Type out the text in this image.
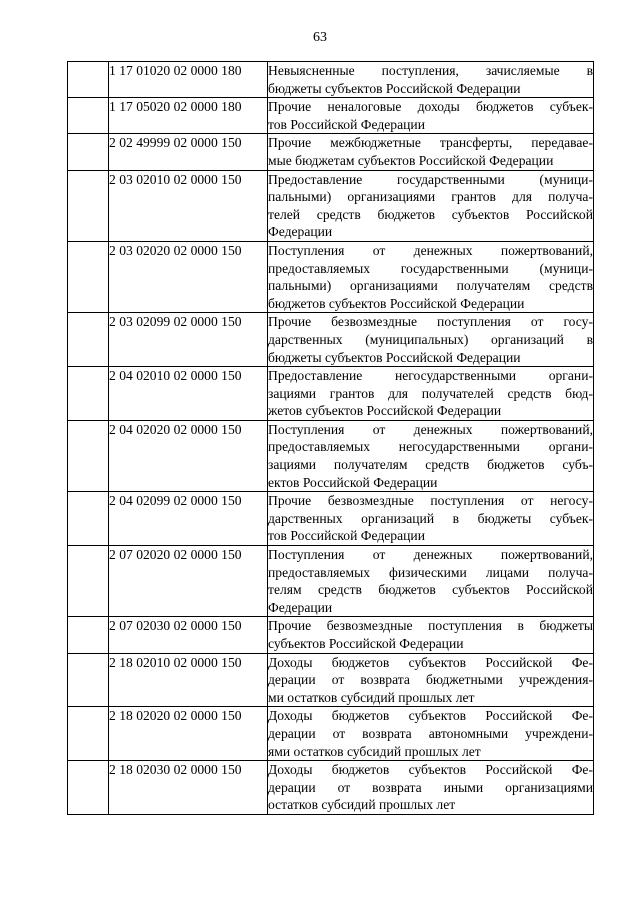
63
	1 17 01020 02 0000 180	Невыясненные поступления, зачисляемые в
бюджеты субъектов Российской Федерации

	1 17 05020 02 0000 180	Прочие неналоговые доходы бюджетов субъек-
тов Российской Федерации

	2 02 49999 02 0000 150	Прочие межбюджетные трансферты, передавае-
мые бюджетам субъектов Российской Федерации

	2 03 02010 02 0000 150	Предоставление государственными (муници-
пальными) организациями грантов для получа-
телей средств бюджетов субъектов Российской
Федерации

	2 03 02020 02 0000 150	Поступления от денежных пожертвований,
предоставляемых государственными (муници-
пальными) организациями получателям средств
бюджетов субъектов Российской Федерации

	2 03 02099 02 0000 150	Прочие безвозмездные поступления от госу-
дарственных (муниципальных) организаций в
бюджеты субъектов Российской Федерации

	2 04 02010 02 0000 150	Предоставление негосударственными органи-
зациями грантов для получателей средств бюд-
жетов субъектов Российской Федерации

	2 04 02020 02 0000 150	Поступления от денежных пожертвований,
предоставляемых негосударственными органи-
зациями получателям средств бюджетов субъ-
ектов Российской Федерации

	2 04 02099 02 0000 150	Прочие безвозмездные поступления от негосу-
дарственных организаций в бюджеты субъек-
тов Российской Федерации

	2 07 02020 02 0000 150	Поступления от денежных пожертвований,
предоставляемых физическими лицами получа-
телям средств бюджетов субъектов Российской
Федерации

	2 07 02030 02 0000 150	Прочие безвозмездные поступления в бюджеты
субъектов Российской Федерации

	2 18 02010 02 0000 150	Доходы бюджетов субъектов Российской Фе-
дерации от возврата бюджетными учреждения-
ми остатков субсидий прошлых лет

	2 18 02020 02 0000 150	Доходы бюджетов субъектов Российской Фе-
дерации от возврата автономными учреждени-
ями остатков субсидий прошлых лет

	2 18 02030 02 0000 150	Доходы бюджетов субъектов Российской Фе-
дерации от возврата иными организациями
остатков субсидий прошлых лет
